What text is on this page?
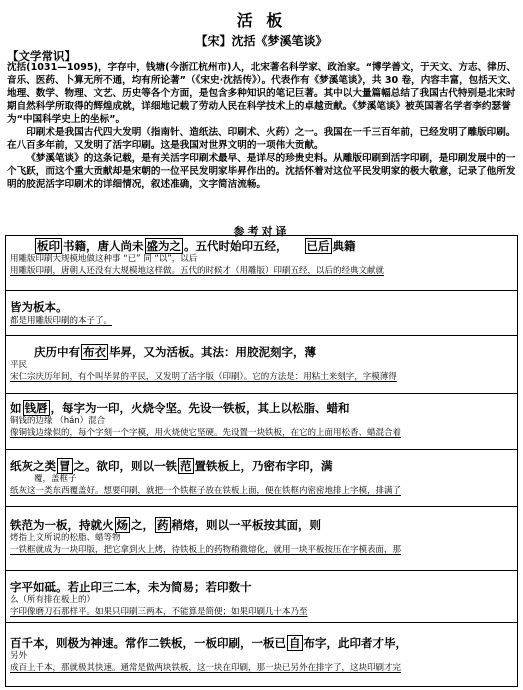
活 板
【宋】沈括《梦溪笔谈》
【文学常识】

沈括(1031—1095)，字存中，钱塘(今浙江杭州市)人，北宋著名科学家、政治家。“博学善文，于天文、方志、律历、音乐、医药、卜算无所不通，均有所论著”（《宋史·沈括传》）。代表作有《梦溪笔谈》，共 30 卷，内容丰富，包括天文、地理、数学、物理、文艺、历史等各个方面，是包含多种知识的笔记巨著。其中以大量篇幅总结了我国古代特别是北宋时期自然科学所取得的辉煌成就，详细地记载了劳动人民在科学技术上的卓越贡献。《梦溪笔谈》被英国著名学者李约瑟誉为“中国科学史上的坐标”。

印刷术是我国古代四大发明（指南针、造纸法、印刷术、火药）之一。我国在一千三百年前，已经发明了雕版印刷。在八百多年前，又发明了活字印刷。这是我国对世界文明的一项伟大贡献。

《梦溪笔谈》的这条记载，是有关活字印刷术最早、是详尽的珍贵史料。从雕版印刷到活字印刷，是印刷发展中的一个飞跃，而这个重大贡献却是宋朝的一位平民发明家毕昇作出的。沈括怀着对这位平民发明家的极大敬意，记录了他所发明的胶泥活字印刷术的详细情况，叙述准确，文字简洁流畅。

参考对译
板印 书籍，唐人尚未 盛为之 。五代时始印五经， 已后 典籍
用雕版印刷大规模地做这种事 “已” 同 “以”，以后
用雕版印刷，唐朝人还没有大规模地这样做。五代的时候才（用雕版）印刷五经，以后的经典文献就
皆为板本。
都是用雕版印刷的本子了。
庆历中有 布衣 毕昇，又为活板。其法：用胶泥刻字，薄
平民
宋仁宗庆历年间，有个叫毕昇的平民，又发明了活字版（印刷）。它的方法是：用粘土来刻字，字模薄得
如 钱唇 ，每字为一印，火烧令坚。先设一铁板，其上以松脂、蜡和
铜钱的边缘 （hán）混合
像铜钱边缘似的，每个字刻一个字模，用火烧使它坚硬。先设置一块铁板，在它的上面用松香、蜡混合着
纸灰之类 冒 之。欲印，则以一铁 范 置铁板上，乃密布字印，满
覆，盖框子
纸灰这一类东西覆盖好。想要印刷，就把一个铁框子放在铁板上面，便在铁框内密密地排上字模，排满了
铁范为一板，持就火 炀 之， 药 稍熔，则以一平板按其面，则
烤指上文所说的松脂、蜡等物
一铁框就成为一块印版，把它拿到火上烤，待铁板上的药物稍微熔化，就用一块平板按压在字模表面，那
字平如砥。若止印三二本，未为简易；若印数十
么（所有排在板上的）
字印像磨刀石那样平。如果只印刷三两本，不能算是简便；如果印刷几十本乃至
百千本，则极为神速。常作二铁板，一板印刷，一板已 自 布字，此印者才毕，
另外
成百上千本，那就极其快速。通常是做两块铁板，这一块在印刷，那一块已另外在排字了，这块印刷才完
